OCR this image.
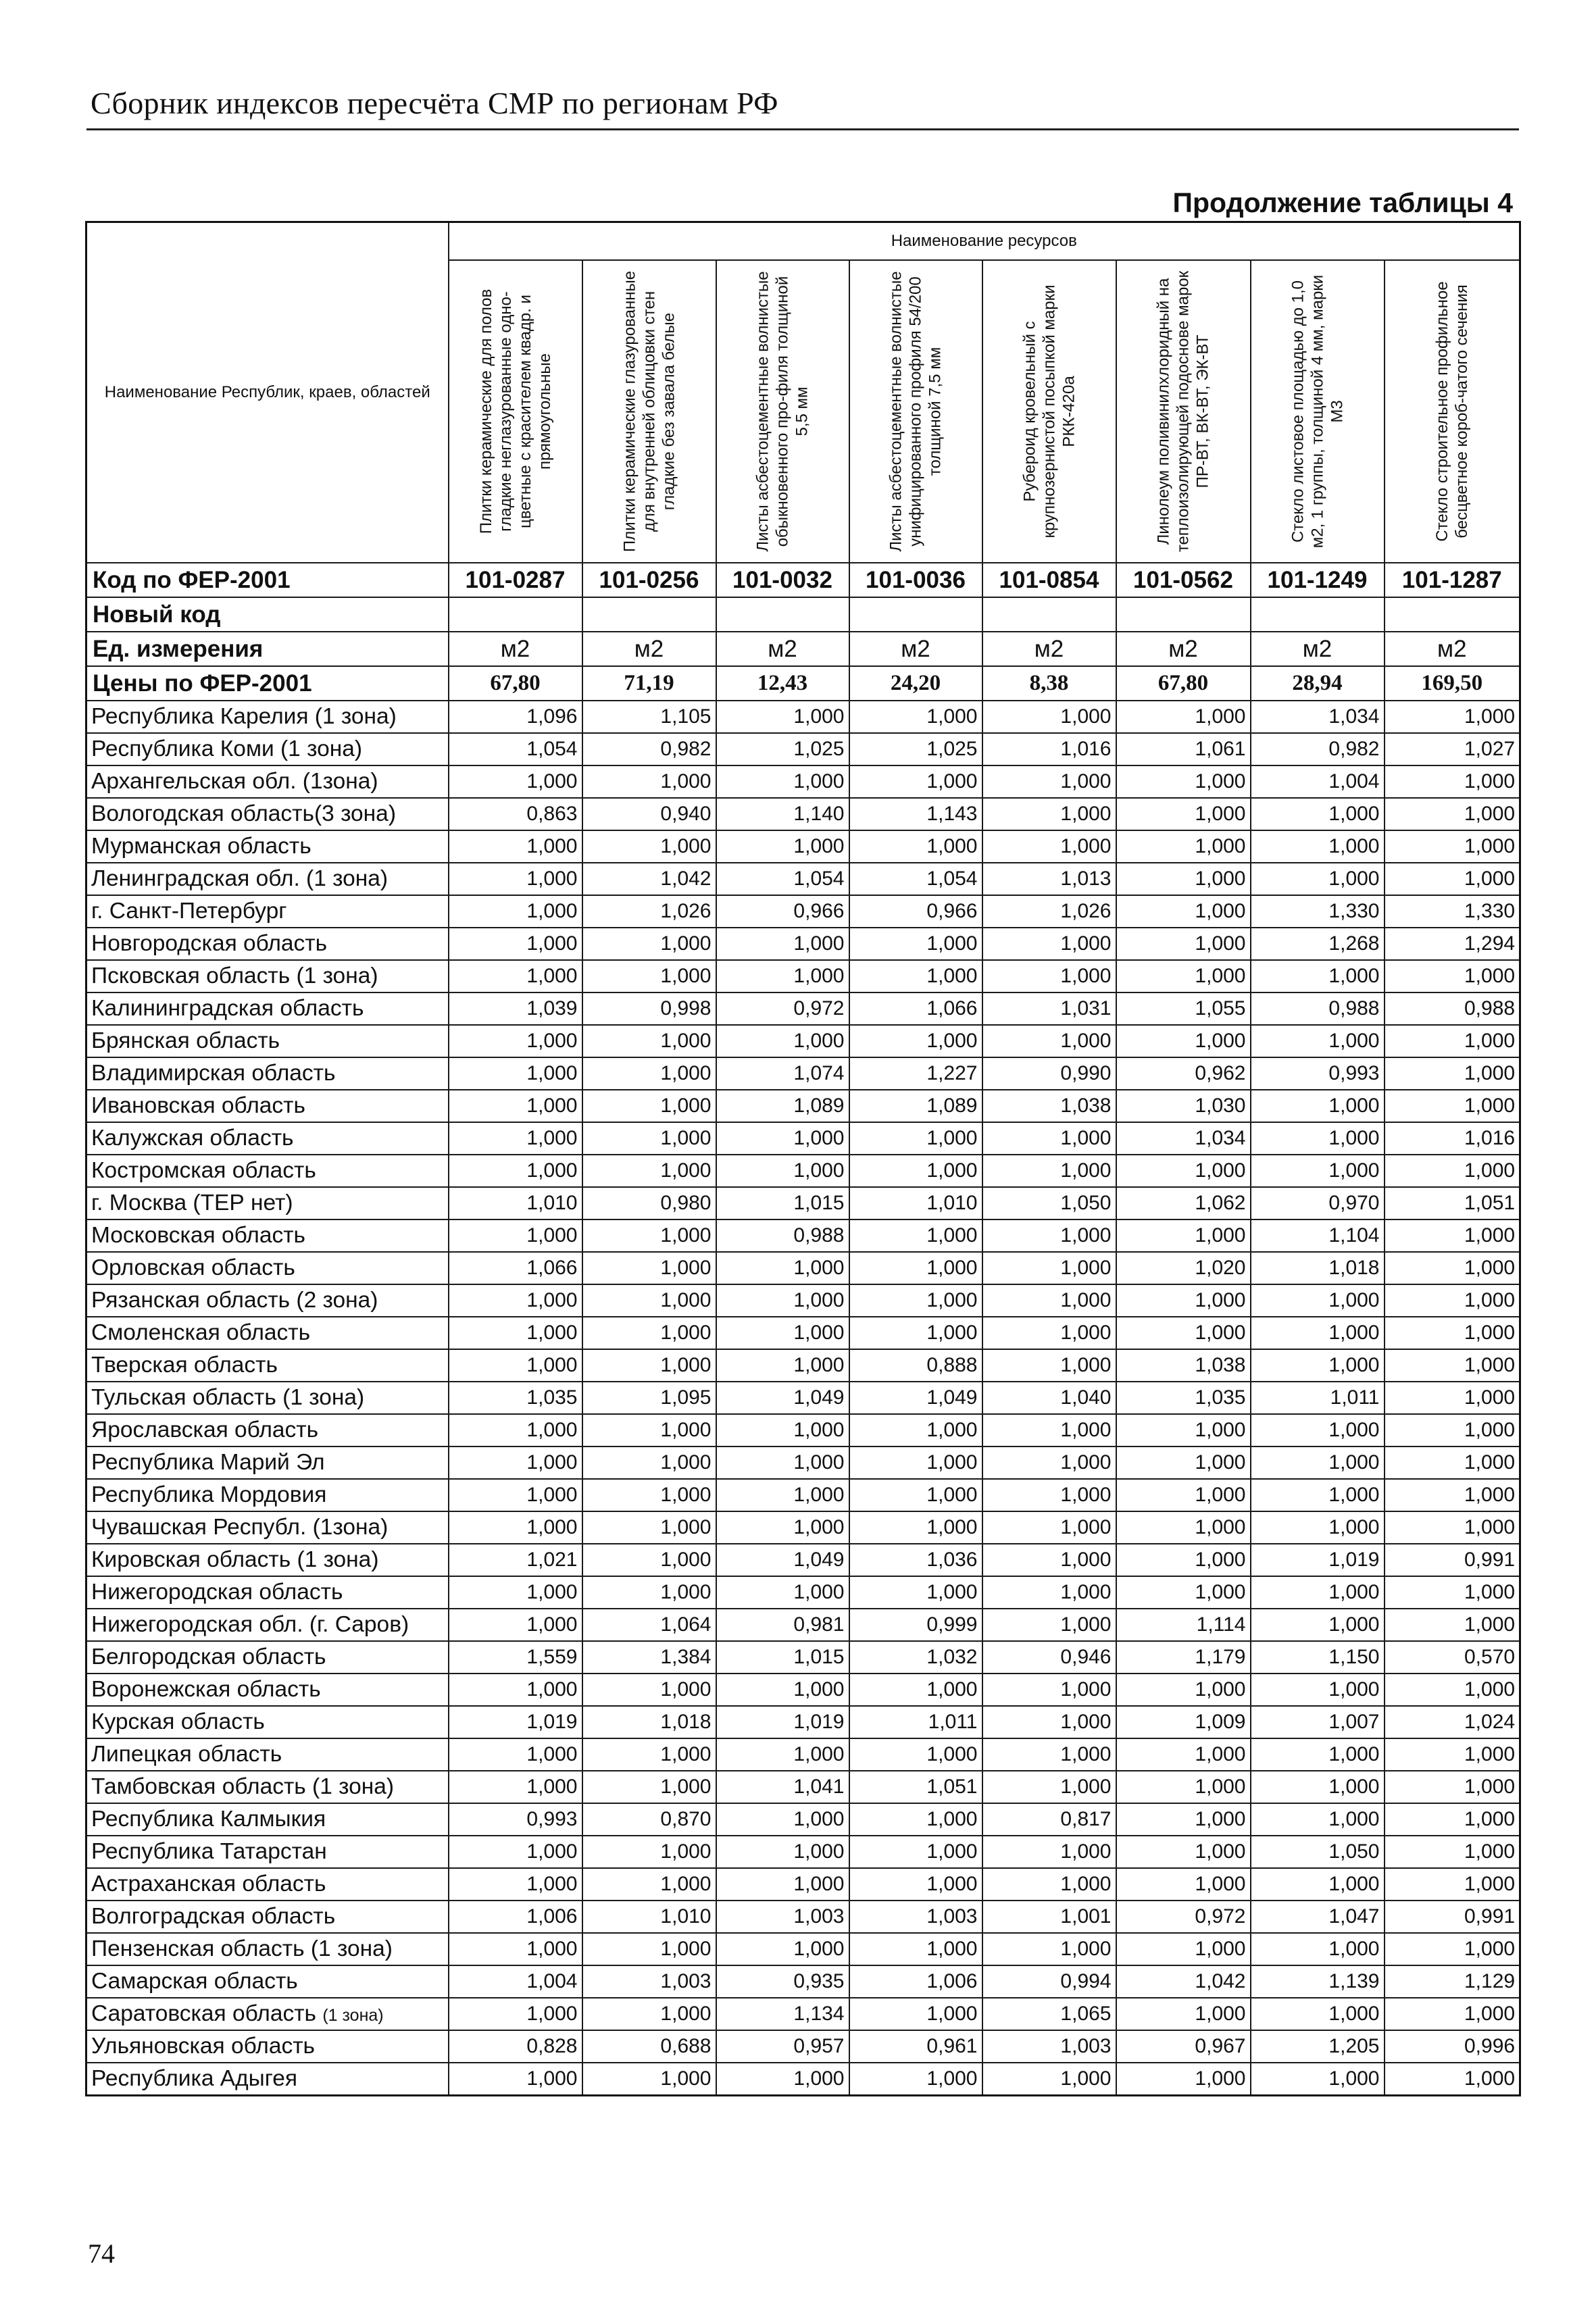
Сборник индексов пересчёта СМР по регионам РФ
Продолжение таблицы 4
Наименование Республик, краев, областей	Наименование ресурсов							

	Плитки керамические для полов гладкие неглазурованные одно-цветные с красителем квадр. и прямоугольные	Плитки керамические глазурованные для внутренней облицовки стен гладкие без завала белые	Листы асбестоцементные волнистые обыкновенного про-филя толщиной 5,5 мм	Листы асбестоцементные волнистые унифицированного профиля 54/200 толщиной 7,5 мм	Рубероид кровельный с крупнозернистой посыпкой марки РКК-420а	Линолеум поливинилхлоридный на теплоизолирующей подоснове марок ПР-ВТ, ВК-ВТ, ЭК-ВТ	Стекло листовое площадью до 1,0 м2, 1 группы, толщиной 4 мм, марки М3	Стекло строительное профильное бесцветное короб-чатого сечения

Код по ФЕР-2001	101-0287	101-0256	101-0032	101-0036	101-0854	101-0562	101-1249	101-1287
Новый код								
Ед. измерения	м2	м2	м2	м2	м2	м2	м2	м2
Цены по ФЕР-2001	67,80	71,19	12,43	24,20	8,38	67,80	28,94	169,50
Республика Карелия (1 зона)	1,096	1,105	1,000	1,000	1,000	1,000	1,034	1,000
Республика Коми (1 зона)	1,054	0,982	1,025	1,025	1,016	1,061	0,982	1,027
Архангельская обл. (1зона)	1,000	1,000	1,000	1,000	1,000	1,000	1,004	1,000
Вологодская область(3 зона)	0,863	0,940	1,140	1,143	1,000	1,000	1,000	1,000
Мурманская область	1,000	1,000	1,000	1,000	1,000	1,000	1,000	1,000
Ленинградская обл. (1 зона)	1,000	1,042	1,054	1,054	1,013	1,000	1,000	1,000
г. Санкт-Петербург	1,000	1,026	0,966	0,966	1,026	1,000	1,330	1,330
Новгородская область	1,000	1,000	1,000	1,000	1,000	1,000	1,268	1,294
Псковская область (1 зона)	1,000	1,000	1,000	1,000	1,000	1,000	1,000	1,000
Калининградская область	1,039	0,998	0,972	1,066	1,031	1,055	0,988	0,988
Брянская область	1,000	1,000	1,000	1,000	1,000	1,000	1,000	1,000
Владимирская область	1,000	1,000	1,074	1,227	0,990	0,962	0,993	1,000
Ивановская область	1,000	1,000	1,089	1,089	1,038	1,030	1,000	1,000
Калужская область	1,000	1,000	1,000	1,000	1,000	1,034	1,000	1,016
Костромская область	1,000	1,000	1,000	1,000	1,000	1,000	1,000	1,000
г. Москва (ТЕР нет)	1,010	0,980	1,015	1,010	1,050	1,062	0,970	1,051
Московская область	1,000	1,000	0,988	1,000	1,000	1,000	1,104	1,000
Орловская область	1,066	1,000	1,000	1,000	1,000	1,020	1,018	1,000
Рязанская область (2 зона)	1,000	1,000	1,000	1,000	1,000	1,000	1,000	1,000
Смоленская область	1,000	1,000	1,000	1,000	1,000	1,000	1,000	1,000
Тверская область	1,000	1,000	1,000	0,888	1,000	1,038	1,000	1,000
Тульская область (1 зона)	1,035	1,095	1,049	1,049	1,040	1,035	1,011	1,000
Ярославская область	1,000	1,000	1,000	1,000	1,000	1,000	1,000	1,000
Республика Марий Эл	1,000	1,000	1,000	1,000	1,000	1,000	1,000	1,000
Республика Мордовия	1,000	1,000	1,000	1,000	1,000	1,000	1,000	1,000
Чувашская Республ. (1зона)	1,000	1,000	1,000	1,000	1,000	1,000	1,000	1,000
Кировская область (1 зона)	1,021	1,000	1,049	1,036	1,000	1,000	1,019	0,991
Нижегородская область	1,000	1,000	1,000	1,000	1,000	1,000	1,000	1,000
Нижегородская обл. (г. Саров)	1,000	1,064	0,981	0,999	1,000	1,114	1,000	1,000
Белгородская область	1,559	1,384	1,015	1,032	0,946	1,179	1,150	0,570
Воронежская область	1,000	1,000	1,000	1,000	1,000	1,000	1,000	1,000
Курская область	1,019	1,018	1,019	1,011	1,000	1,009	1,007	1,024
Липецкая область	1,000	1,000	1,000	1,000	1,000	1,000	1,000	1,000
Тамбовская область (1 зона)	1,000	1,000	1,041	1,051	1,000	1,000	1,000	1,000
Республика Калмыкия	0,993	0,870	1,000	1,000	0,817	1,000	1,000	1,000
Республика Татарстан	1,000	1,000	1,000	1,000	1,000	1,000	1,050	1,000
Астраханская область	1,000	1,000	1,000	1,000	1,000	1,000	1,000	1,000
Волгоградская область	1,006	1,010	1,003	1,003	1,001	0,972	1,047	0,991
Пензенская область (1 зона)	1,000	1,000	1,000	1,000	1,000	1,000	1,000	1,000
Самарская область	1,004	1,003	0,935	1,006	0,994	1,042	1,139	1,129
Саратовская область (1 зона)	1,000	1,000	1,134	1,000	1,065	1,000	1,000	1,000
Ульяновская область	0,828	0,688	0,957	0,961	1,003	0,967	1,205	0,996
Республика Адыгея	1,000	1,000	1,000	1,000	1,000	1,000	1,000	1,000
74
